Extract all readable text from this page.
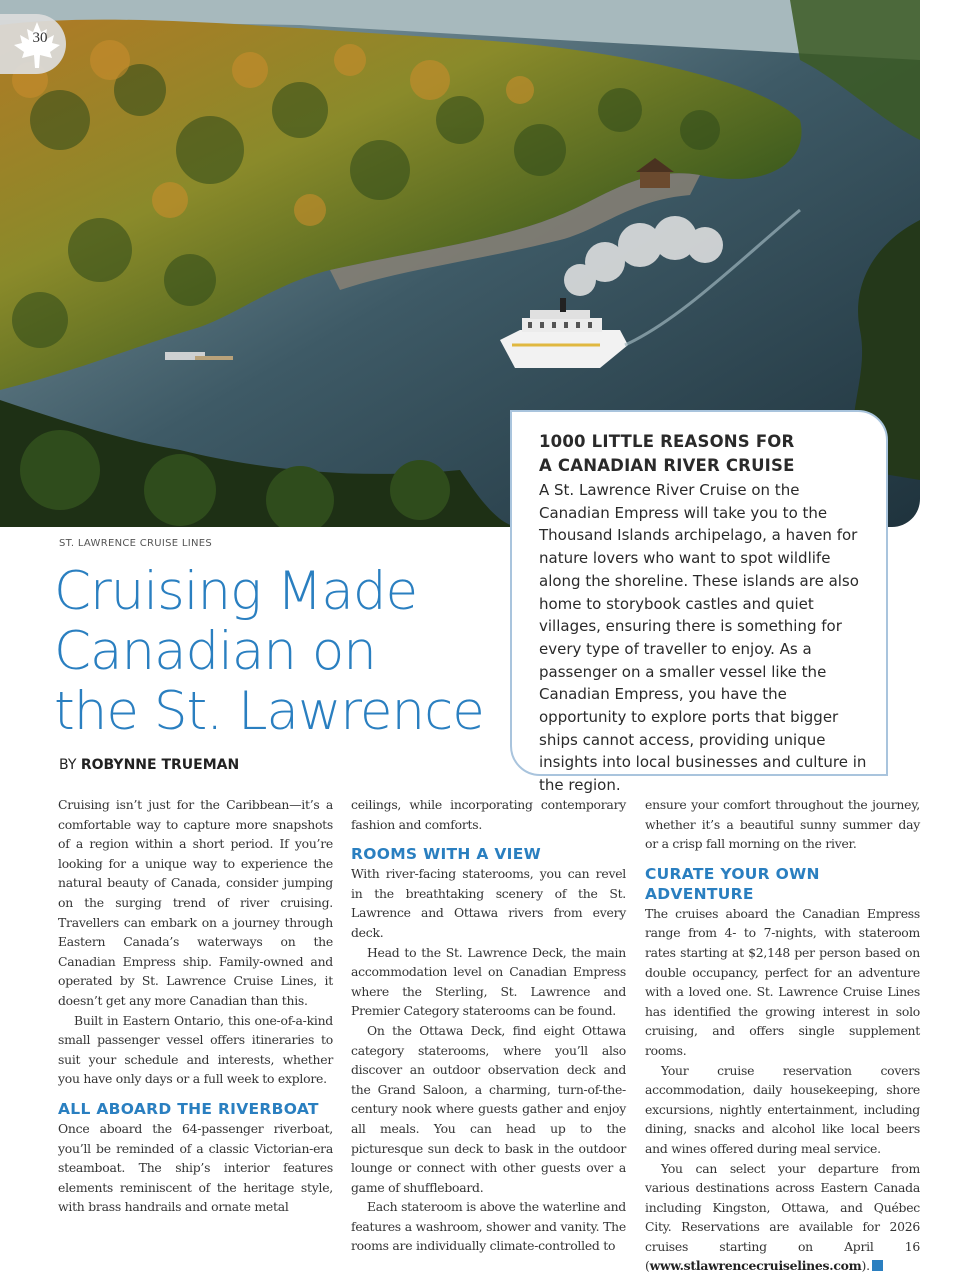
30
1000 LITTLE REASONS FOR
A CANADIAN RIVER CRUISE

A St. Lawrence River Cruise on the Canadian Empress will take you to the Thousand Islands archipelago, a haven for nature lovers who want to spot wildlife along the shoreline. These islands are also home to storybook castles and quiet villages, ensuring there is something for every type of traveller to enjoy. As a passenger on a smaller vessel like the Canadian Empress, you have the opportunity to explore ports that bigger ships cannot access, providing unique insights into local businesses and culture in the region.

ST. LAWRENCE CRUISE LINES
Cruising Made
Canadian on
the St. Lawrence
BY ROBYNNE TRUEMAN

Cruising isn’t just for the Caribbean—it’s a comfortable way to capture more snapshots of a region within a short period. If you’re looking for a unique way to experience the natural beauty of Canada, consider jumping on the surging trend of river cruising. Travellers can embark on a journey through Eastern Canada’s waterways on the Canadian Empress ship. Family-owned and operated by St. Lawrence Cruise Lines, it doesn’t get any more Canadian than this.

Built in Eastern Ontario, this one-of-a-kind small passenger vessel offers itineraries to suit your schedule and interests, whether you have only days or a full week to explore.

ALL ABOARD THE RIVERBOAT

Once aboard the 64-passenger riverboat, you’ll be reminded of a classic Victorian-era steamboat. The ship’s interior features elements reminiscent of the heritage style, with brass handrails and ornate metal

ceilings, while incorporating contemporary fashion and comforts.

ROOMS WITH A VIEW

With river-facing staterooms, you can revel in the breathtaking scenery of the St. Lawrence and Ottawa rivers from every deck.

Head to the St. Lawrence Deck, the main accommodation level on Canadian Empress where the Sterling, St. Lawrence and Premier Category staterooms can be found.

On the Ottawa Deck, find eight Ottawa category staterooms, where you’ll also discover an outdoor observation deck and the Grand Saloon, a charming, turn-of-the-century nook where guests gather and enjoy all meals. You can head up to the picturesque sun deck to bask in the outdoor lounge or connect with other guests over a game of shuffleboard.

Each stateroom is above the waterline and features a washroom, shower and vanity. The rooms are individually climate-controlled to

ensure your comfort throughout the journey, whether it’s a beautiful sunny summer day or a crisp fall morning on the river.

CURATE YOUR OWN ADVENTURE

The cruises aboard the Canadian Empress range from 4- to 7-nights, with stateroom rates starting at $2,148 per person based on double occupancy, perfect for an adventure with a loved one. St. Lawrence Cruise Lines has identified the growing interest in solo cruising, and offers single supplement rooms.

Your cruise reservation covers accommodation, daily housekeeping, shore excursions, nightly entertainment, including dining, snacks and alcohol like local beers and wines offered during meal service.

You can select your departure from various destinations across Eastern Canada including Kingston, Ottawa, and Québec City. Reservations are available for 2026 cruises starting on April 16 (www.stlawrencecruiselines.com).
